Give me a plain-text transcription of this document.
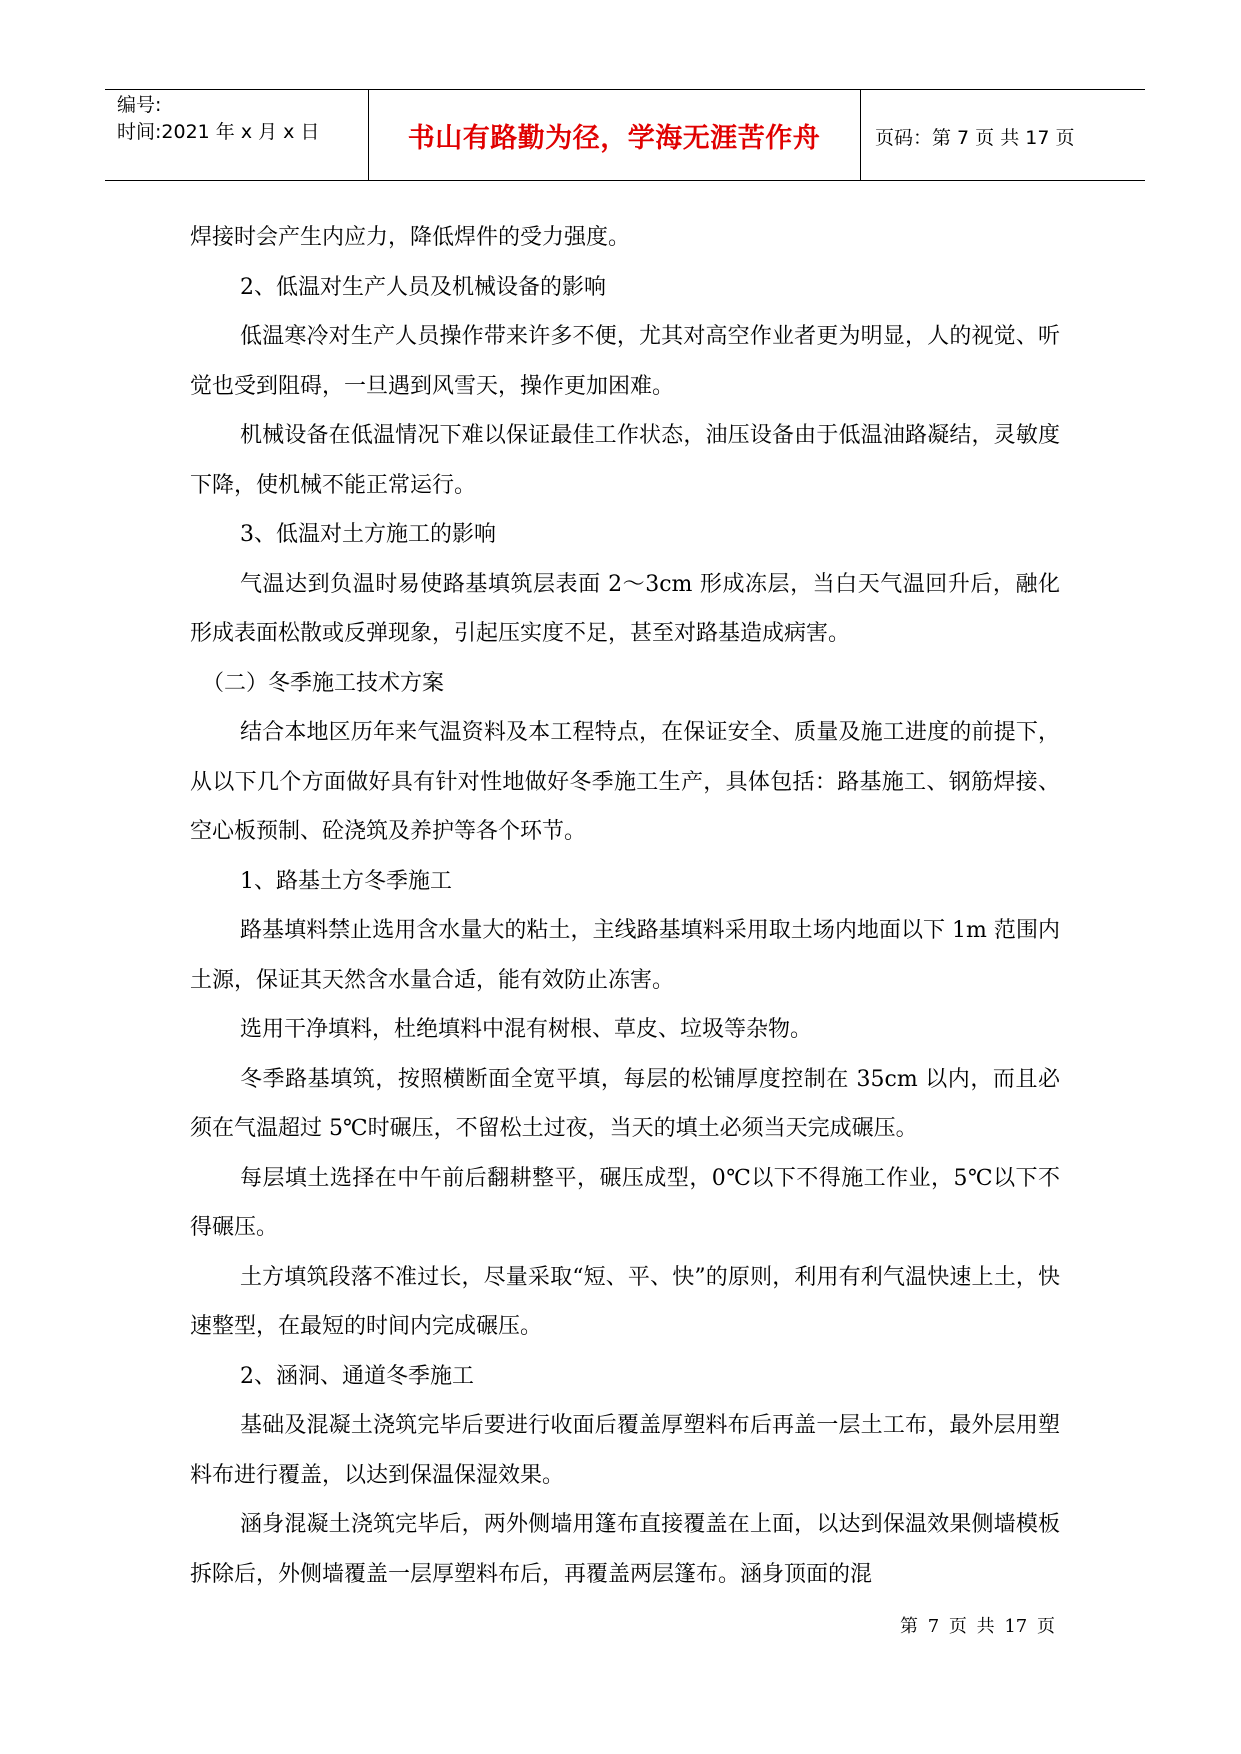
编号:
时间:2021 年 x 月 x 日	书山有路勤为径，学海无涯苦作舟	页码：第 7 页 共 17 页

焊接时会产生内应力，降低焊件的受力强度。

2、低温对生产人员及机械设备的影响

低温寒冷对生产人员操作带来许多不便，尤其对高空作业者更为明显，人的视觉、听觉也受到阻碍，一旦遇到风雪天，操作更加困难。

机械设备在低温情况下难以保证最佳工作状态，油压设备由于低温油路凝结，灵敏度下降，使机械不能正常运行。

3、低温对土方施工的影响

气温达到负温时易使路基填筑层表面 2～3cm 形成冻层，当白天气温回升后，融化形成表面松散或反弹现象，引起压实度不足，甚至对路基造成病害。

（二）冬季施工技术方案

结合本地区历年来气温资料及本工程特点，在保证安全、质量及施工进度的前提下，从以下几个方面做好具有针对性地做好冬季施工生产，具体包括：路基施工、钢筋焊接、空心板预制、砼浇筑及养护等各个环节。

1、路基土方冬季施工

路基填料禁止选用含水量大的粘土，主线路基填料采用取土场内地面以下 1m 范围内土源，保证其天然含水量合适，能有效防止冻害。

选用干净填料，杜绝填料中混有树根、草皮、垃圾等杂物。

冬季路基填筑，按照横断面全宽平填，每层的松铺厚度控制在 35cm 以内，而且必须在气温超过 5℃时碾压，不留松土过夜，当天的填土必须当天完成碾压。

每层填土选择在中午前后翻耕整平，碾压成型，0℃以下不得施工作业，5℃以下不得碾压。

土方填筑段落不准过长，尽量采取“短、平、快”的原则，利用有利气温快速上土，快速整型，在最短的时间内完成碾压。

2、涵洞、通道冬季施工

基础及混凝土浇筑完毕后要进行收面后覆盖厚塑料布后再盖一层土工布，最外层用塑料布进行覆盖，以达到保温保湿效果。

涵身混凝土浇筑完毕后，两外侧墙用篷布直接覆盖在上面，以达到保温效果侧墙模板拆除后，外侧墙覆盖一层厚塑料布后，再覆盖两层篷布。涵身顶面的混

第 7 页 共 17 页
